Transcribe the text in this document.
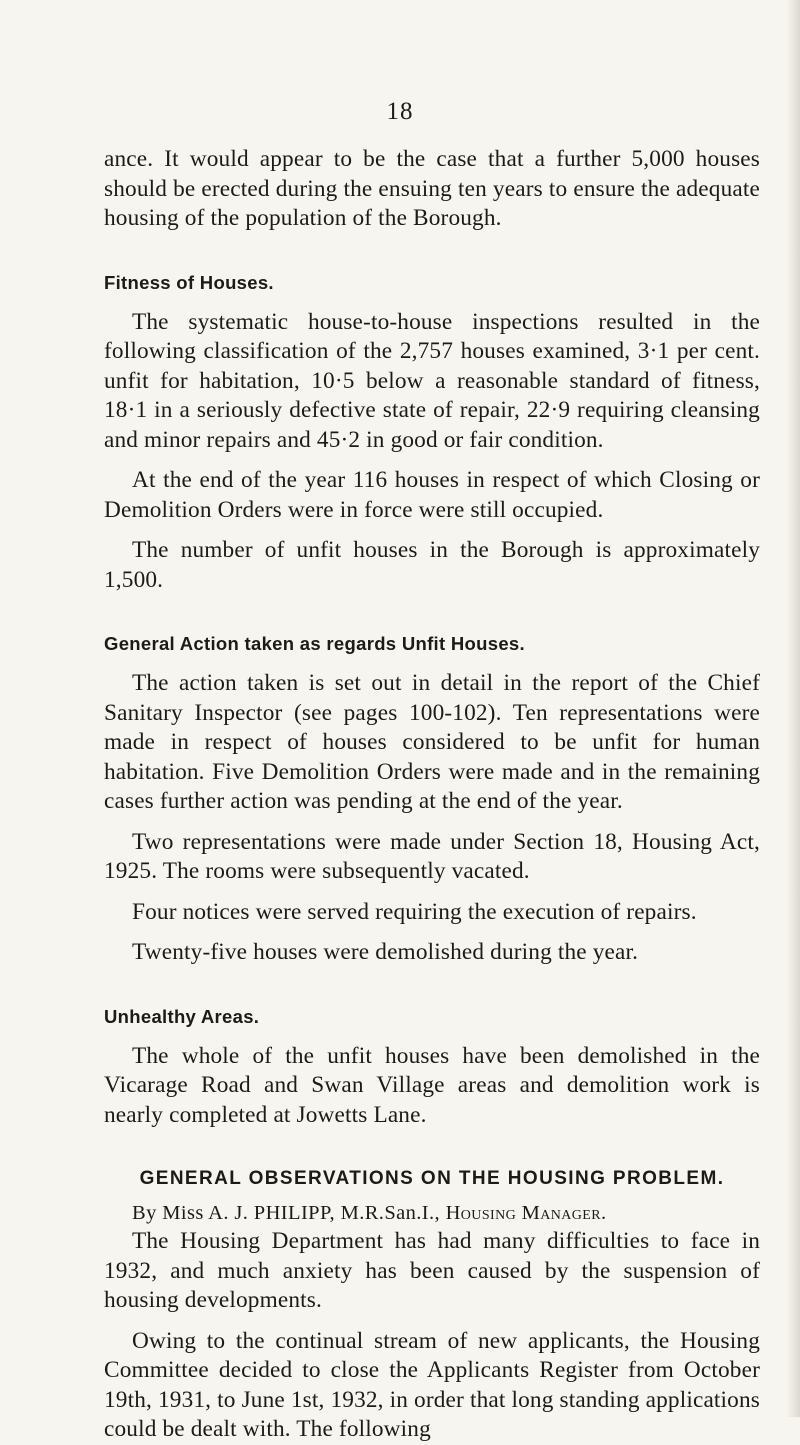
18

ance. It would appear to be the case that a further 5,000 houses should be erected during the ensuing ten years to ensure the adequate housing of the population of the Borough.

Fitness of Houses.

The systematic house-to-house inspections resulted in the following classification of the 2,757 houses examined, 3·1 per cent. unfit for habitation, 10·5 below a reasonable standard of fitness, 18·1 in a seriously defective state of repair, 22·9 requiring cleansing and minor repairs and 45·2 in good or fair condition.

At the end of the year 116 houses in respect of which Closing or Demolition Orders were in force were still occupied.

The number of unfit houses in the Borough is approximately 1,500.

General Action taken as regards Unfit Houses.

The action taken is set out in detail in the report of the Chief Sanitary Inspector (see pages 100-102). Ten representations were made in respect of houses considered to be unfit for human habitation. Five Demolition Orders were made and in the remaining cases further action was pending at the end of the year.

Two representations were made under Section 18, Housing Act, 1925. The rooms were subsequently vacated.

Four notices were served requiring the execution of repairs.

Twenty-five houses were demolished during the year.

Unhealthy Areas.

The whole of the unfit houses have been demolished in the Vicarage Road and Swan Village areas and demolition work is nearly completed at Jowetts Lane.

GENERAL OBSERVATIONS ON THE HOUSING PROBLEM.
By Miss A. J. PHILIPP, M.R.San.I., Housing Manager.

The Housing Department has had many difficulties to face in 1932, and much anxiety has been caused by the suspension of housing developments.

Owing to the continual stream of new applicants, the Housing Committee decided to close the Applicants Register from October 19th, 1931, to June 1st, 1932, in order that long standing applications could be dealt with. The following
